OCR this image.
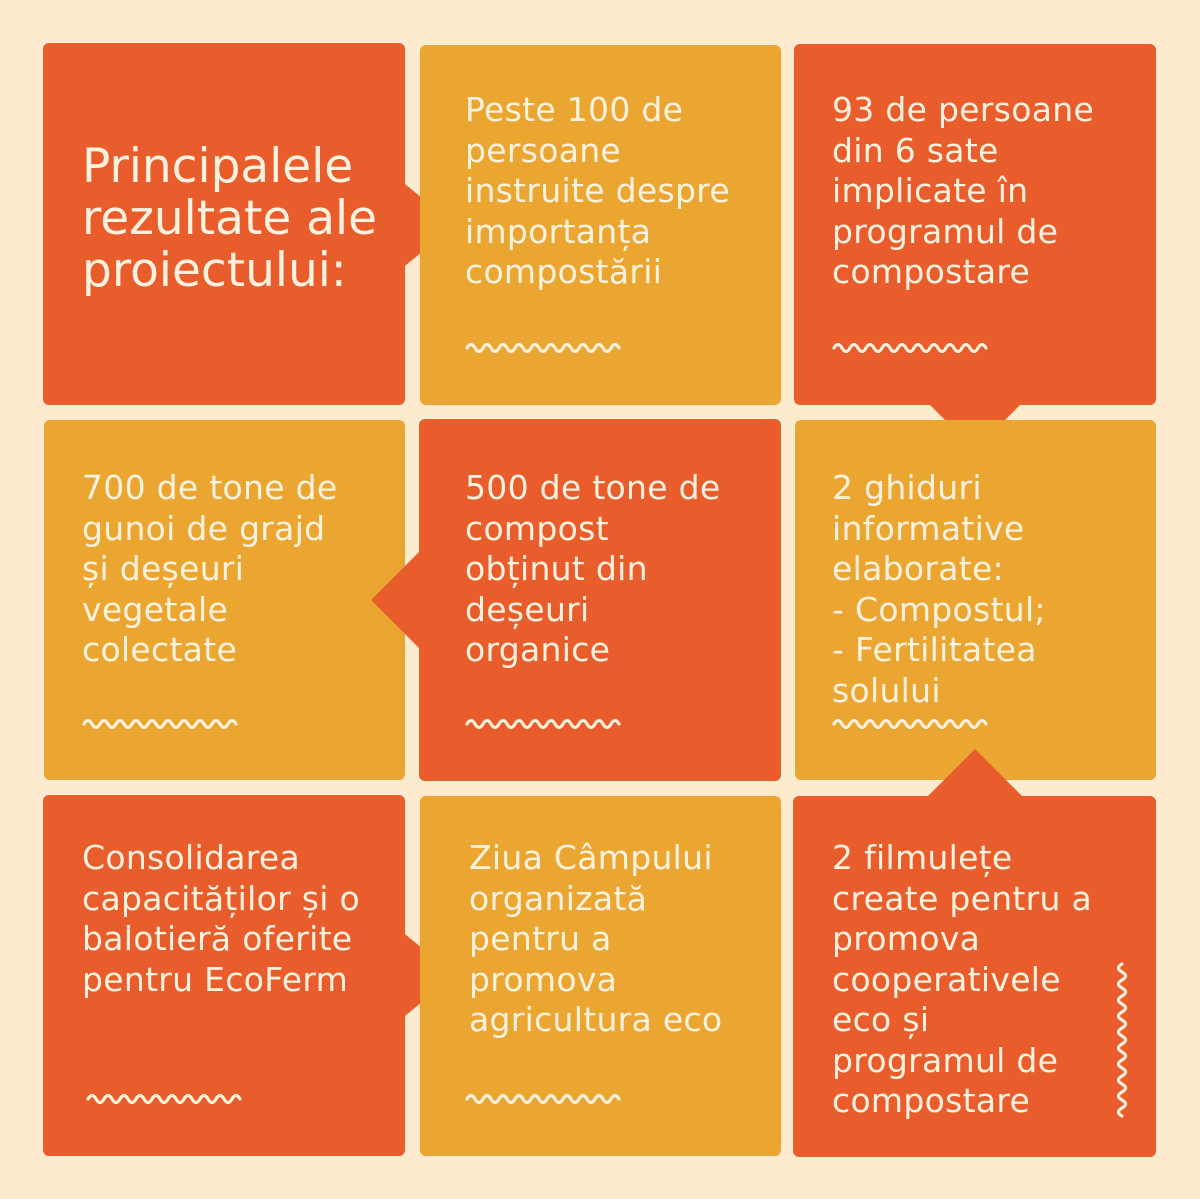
Principalele
rezultate ale
proiectului:

Peste 100 de
persoane
instruite despre
importanța
compostării

93 de persoane
din 6 sate
implicate în
programul de
compostare

700 de tone de
gunoi de grajd
și deșeuri
vegetale
colectate

500 de tone de
compost
obținut din
deșeuri
organice

2 ghiduri
informative
elaborate:
- Compostul;
- Fertilitatea
solului

Consolidarea
capacităților și o
balotieră oferite
pentru EcoFerm

Ziua Câmpului
organizată
pentru a
promova
agricultura eco

2 filmulețe
create pentru a
promova
cooperativele
eco și
programul de
compostare
